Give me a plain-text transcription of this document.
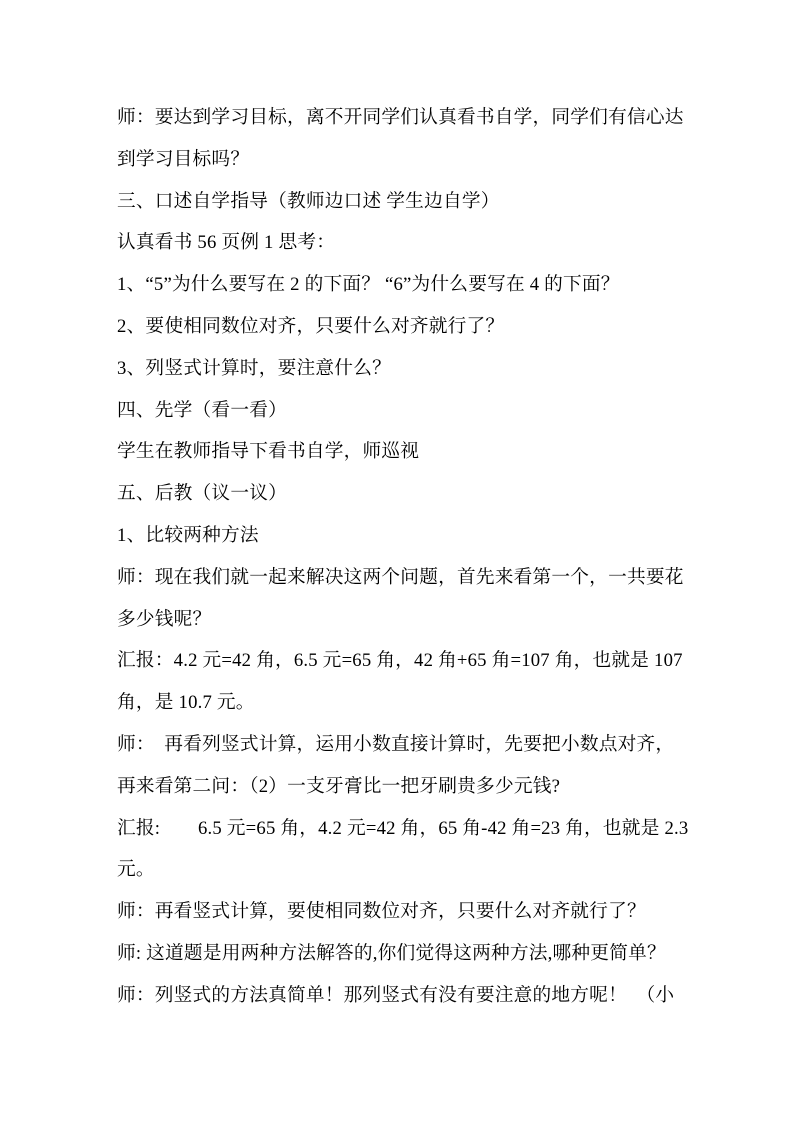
师：要达到学习目标，离不开同学们认真看书自学，同学们有信心达
到学习目标吗？
三、口述自学指导（教师边口述 学生边自学）
认真看书 56 页例 1 思考：
1、“5”为什么要写在 2 的下面？ “6”为什么要写在 4 的下面？
2、要使相同数位对齐，只要什么对齐就行了？
3、列竖式计算时，要注意什么？
四、先学（看一看）
学生在教师指导下看书自学，师巡视
五、后教（议一议）
1、比较两种方法
师：现在我们就一起来解决这两个问题，首先来看第一个，一共要花
多少钱呢？
汇报：4.2 元=42 角，6.5 元=65 角，42 角+65 角=107 角，也就是 107
角，是 10.7 元。
师：　再看列竖式计算，运用小数直接计算时，先要把小数点对齐，
再来看第二问：（2）一支牙膏比一把牙刷贵多少元钱?
汇报:　　6.5 元=65 角，4.2 元=42 角，65 角-42 角=23 角，也就是 2.3
元。
师：再看竖式计算，要使相同数位对齐，只要什么对齐就行了？
师: 这道题是用两种方法解答的,你们觉得这两种方法,哪种更简单？
师：列竖式的方法真简单！那列竖式有没有要注意的地方呢！　（小
